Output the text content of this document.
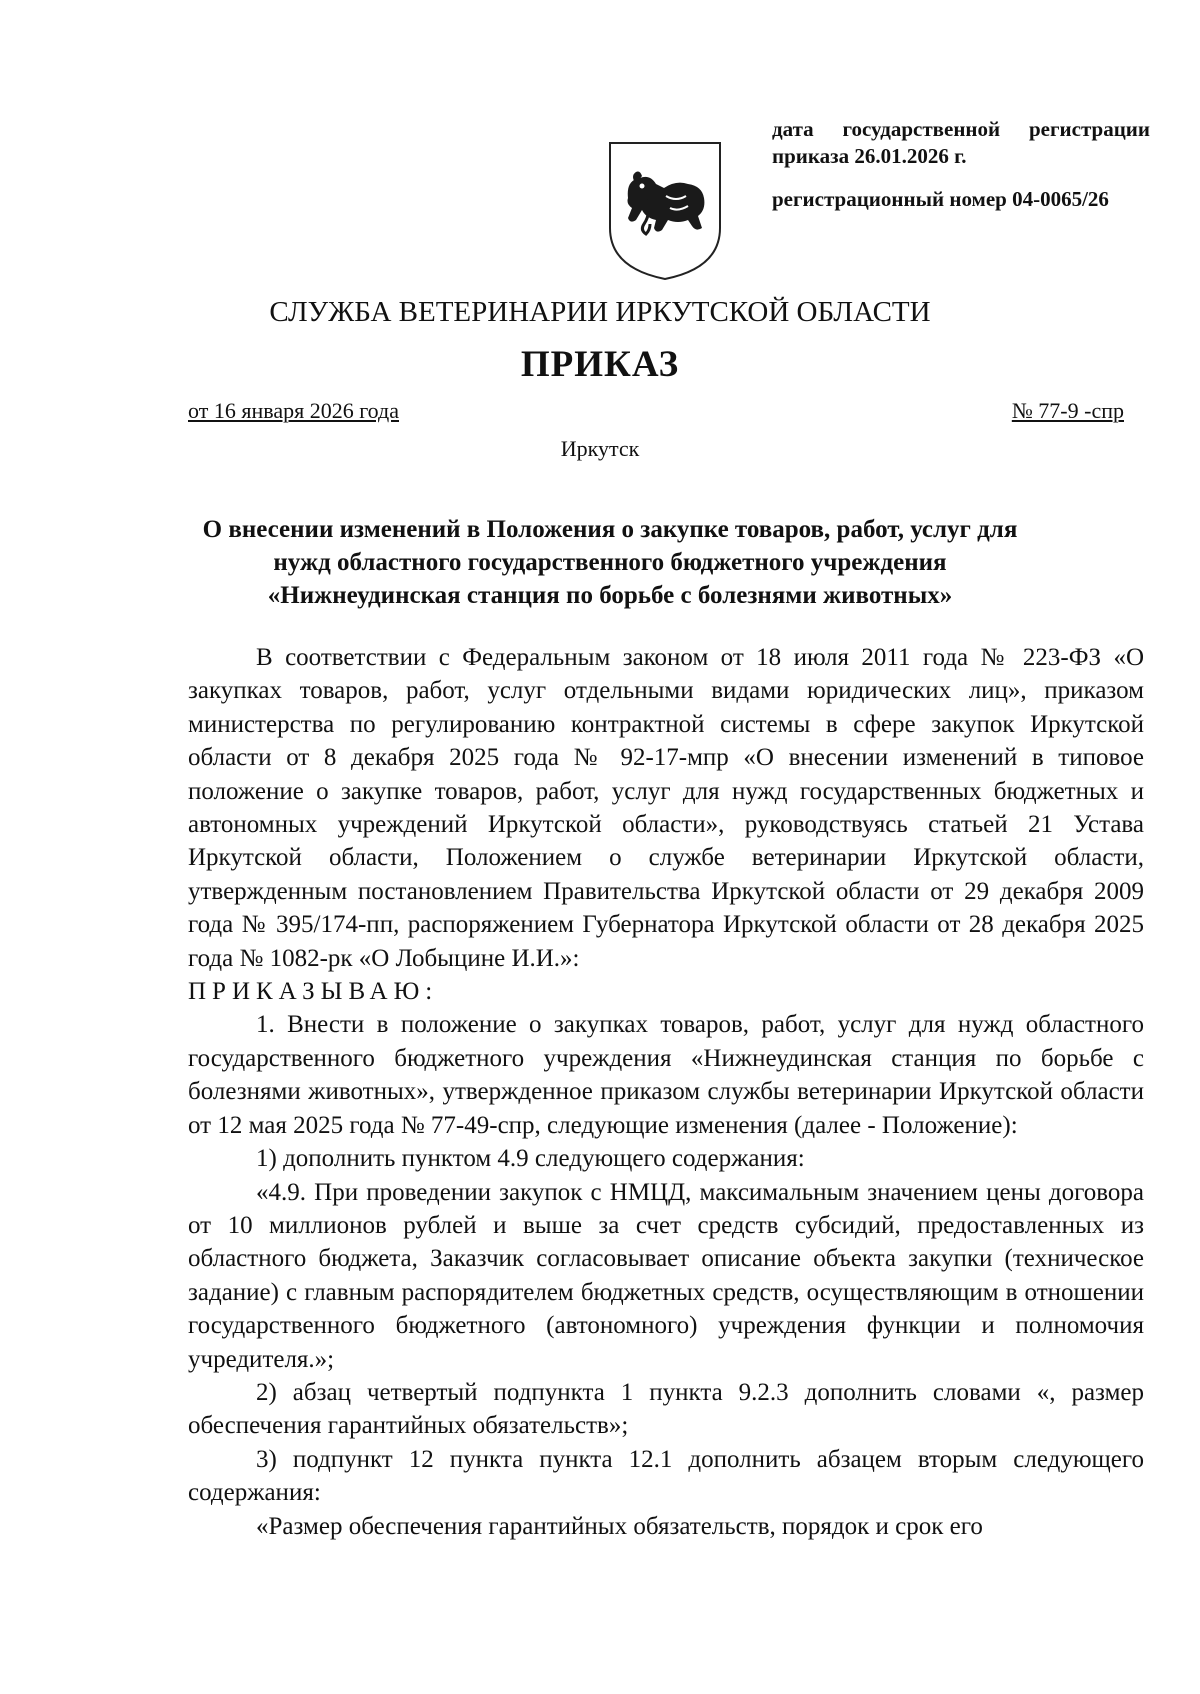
дата государственной регистрации
приказа 26.01.2026 г.
регистрационный номер 04-0065/26
СЛУЖБА ВЕТЕРИНАРИИ ИРКУТСКОЙ ОБЛАСТИ
ПРИКАЗ
от 16 января 2026 года	№ 77-9 -спр
Иркутск
О внесении изменений в Положения о закупке товаров, работ, услуг для
нужд областного государственного бюджетного учреждения
«Нижнеудинская станция по борьбе с болезнями животных»

В соответствии с Федеральным законом от 18 июля 2011 года № 223-ФЗ «О закупках товаров, работ, услуг отдельными видами юридических лиц», приказом министерства по регулированию контрактной системы в сфере закупок Иркутской области от 8 декабря 2025 года № 92-17-мпр «О внесении изменений в типовое положение о закупке товаров, работ, услуг для нужд государственных бюджетных и автономных учреждений Иркутской области», руководствуясь статьей 21 Устава Иркутской области, Положением о службе ветеринарии Иркутской области, утвержденным постановлением Правительства Иркутской области от 29 декабря 2009 года № 395/174-пп, распоряжением Губернатора Иркутской области от 28 декабря 2025 года № 1082-рк «О Лобыцине И.И.»:

ПРИКАЗЫВАЮ:

1. Внести в положение о закупках товаров, работ, услуг для нужд областного государственного бюджетного учреждения «Нижнеудинская станция по борьбе с болезнями животных», утвержденное приказом службы ветеринарии Иркутской области от 12 мая 2025 года № 77-49-спр, следующие изменения (далее - Положение):

1) дополнить пунктом 4.9 следующего содержания:

«4.9. При проведении закупок с НМЦД, максимальным значением цены договора от 10 миллионов рублей и выше за счет средств субсидий, предоставленных из областного бюджета, Заказчик согласовывает описание объекта закупки (техническое задание) с главным распорядителем бюджетных средств, осуществляющим в отношении государственного бюджетного (автономного) учреждения функции и полномочия учредителя.»;

2) абзац четвертый подпункта 1 пункта 9.2.3 дополнить словами «, размер обеспечения гарантийных обязательств»;

3) подпункт 12 пункта пункта 12.1 дополнить абзацем вторым следующего содержания:

«Размер обеспечения гарантийных обязательств, порядок и срок его
